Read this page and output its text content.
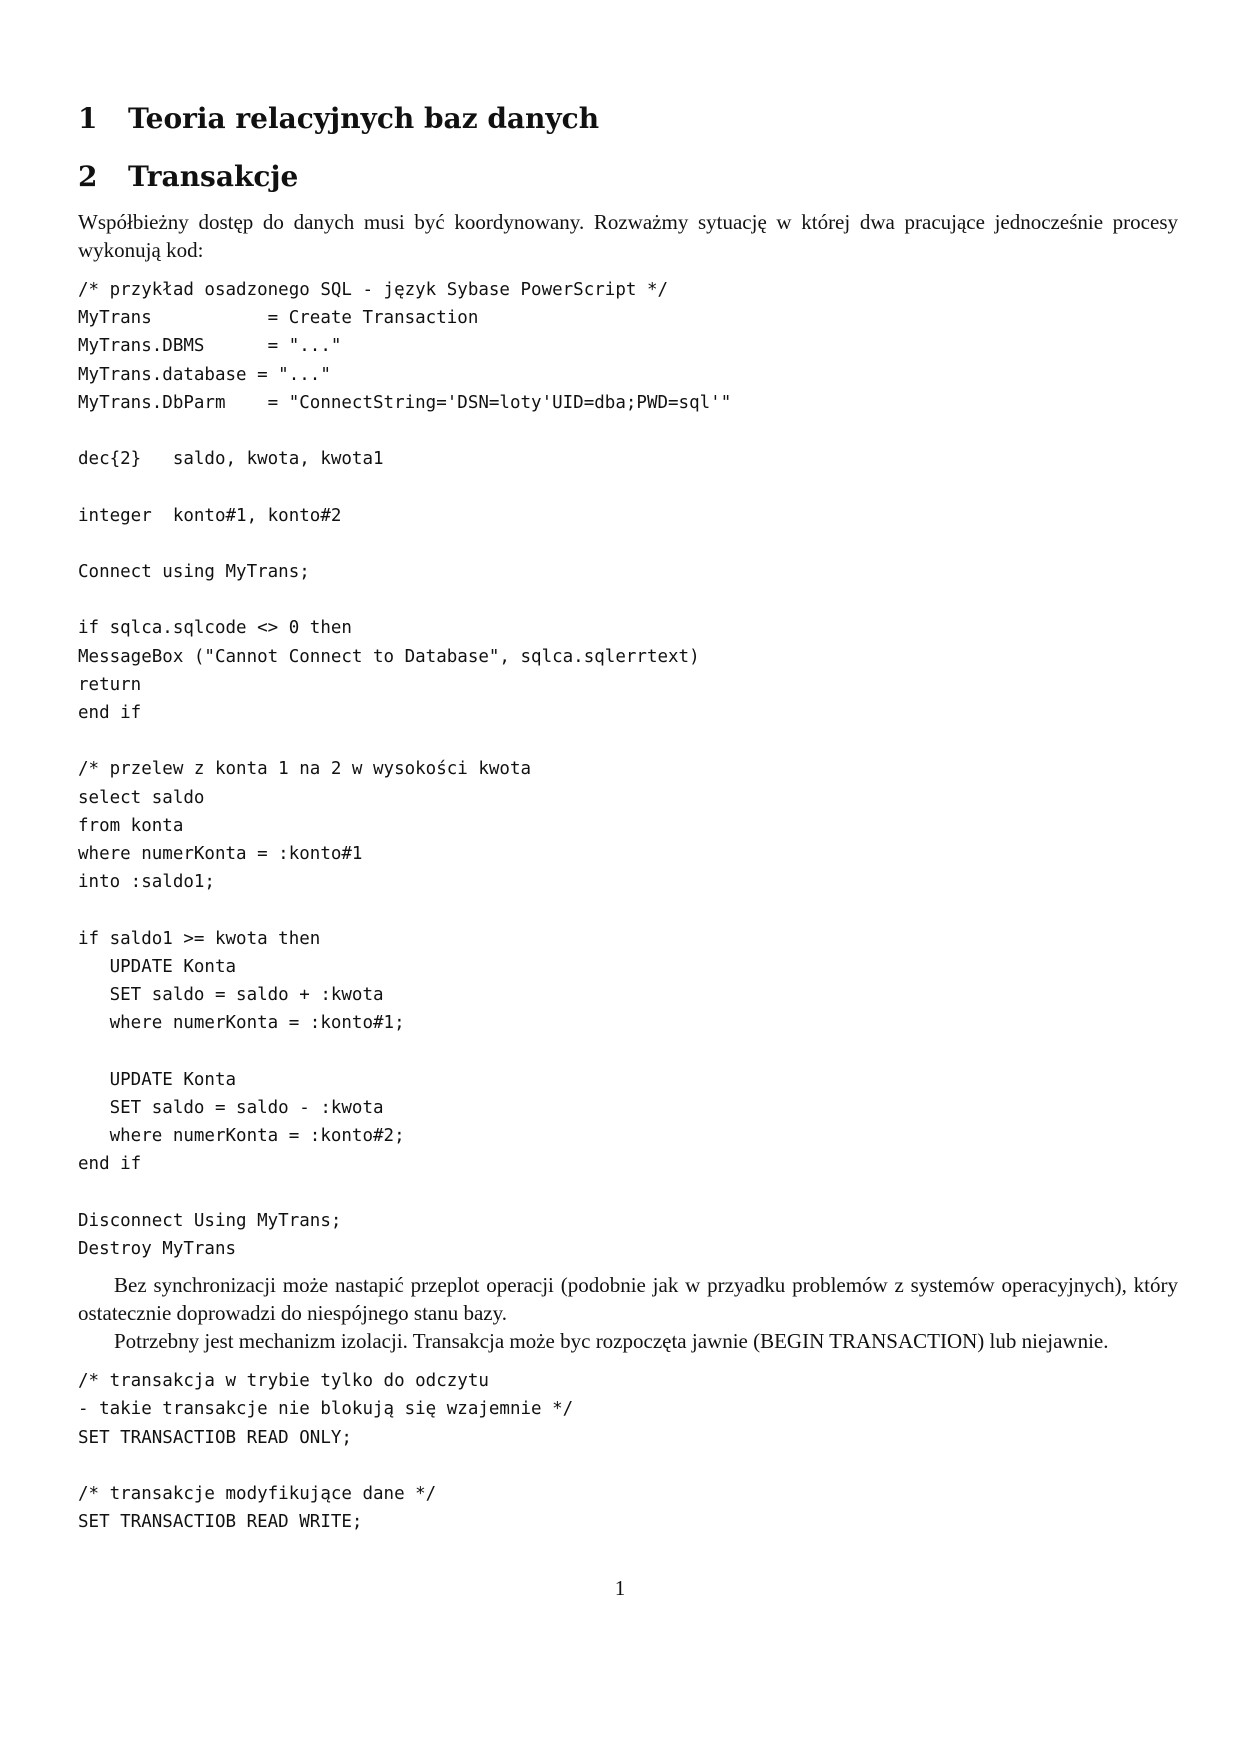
1	Teoria relacyjnych baz danych
2	Transakcje

Współbieżny dostęp do danych musi być koordynowany. Rozważmy sytuację w której dwa pracujące jednocześnie procesy wykonują kod:

/* przykład osadzonego SQL - język Sybase PowerScript */
MyTrans           = Create Transaction
MyTrans.DBMS      = "..."
MyTrans.database = "..."
MyTrans.DbParm    = "ConnectString='DSN=loty'UID=dba;PWD=sql'"

dec{2}   saldo, kwota, kwota1

integer  konto#1, konto#2

Connect using MyTrans;

if sqlca.sqlcode <> 0 then
MessageBox ("Cannot Connect to Database", sqlca.sqlerrtext)
return
end if

/* przelew z konta 1 na 2 w wysokości kwota
select saldo
from konta
where numerKonta = :konto#1
into :saldo1;

if saldo1 >= kwota then
UPDATE Konta
SET saldo = saldo + :kwota
where numerKonta = :konto#1;

UPDATE Konta
SET saldo = saldo - :kwota
where numerKonta = :konto#2;
end if

Disconnect Using MyTrans;
Destroy MyTrans

Bez synchronizacji może nastapić przeplot operacji (podobnie jak w przyadku problemów z systemów operacyjnych), który ostatecznie doprowadzi do niespójnego stanu bazy.

Potrzebny jest mechanizm izolacji. Transakcja może byc rozpoczęta jawnie (BEGIN TRANSACTION) lub niejawnie.

/* transakcja w trybie tylko do odczytu
- takie transakcje nie blokują się wzajemnie */
SET TRANSACTIOB READ ONLY;

/* transakcje modyfikujące dane */
SET TRANSACTIOB READ WRITE;
1
